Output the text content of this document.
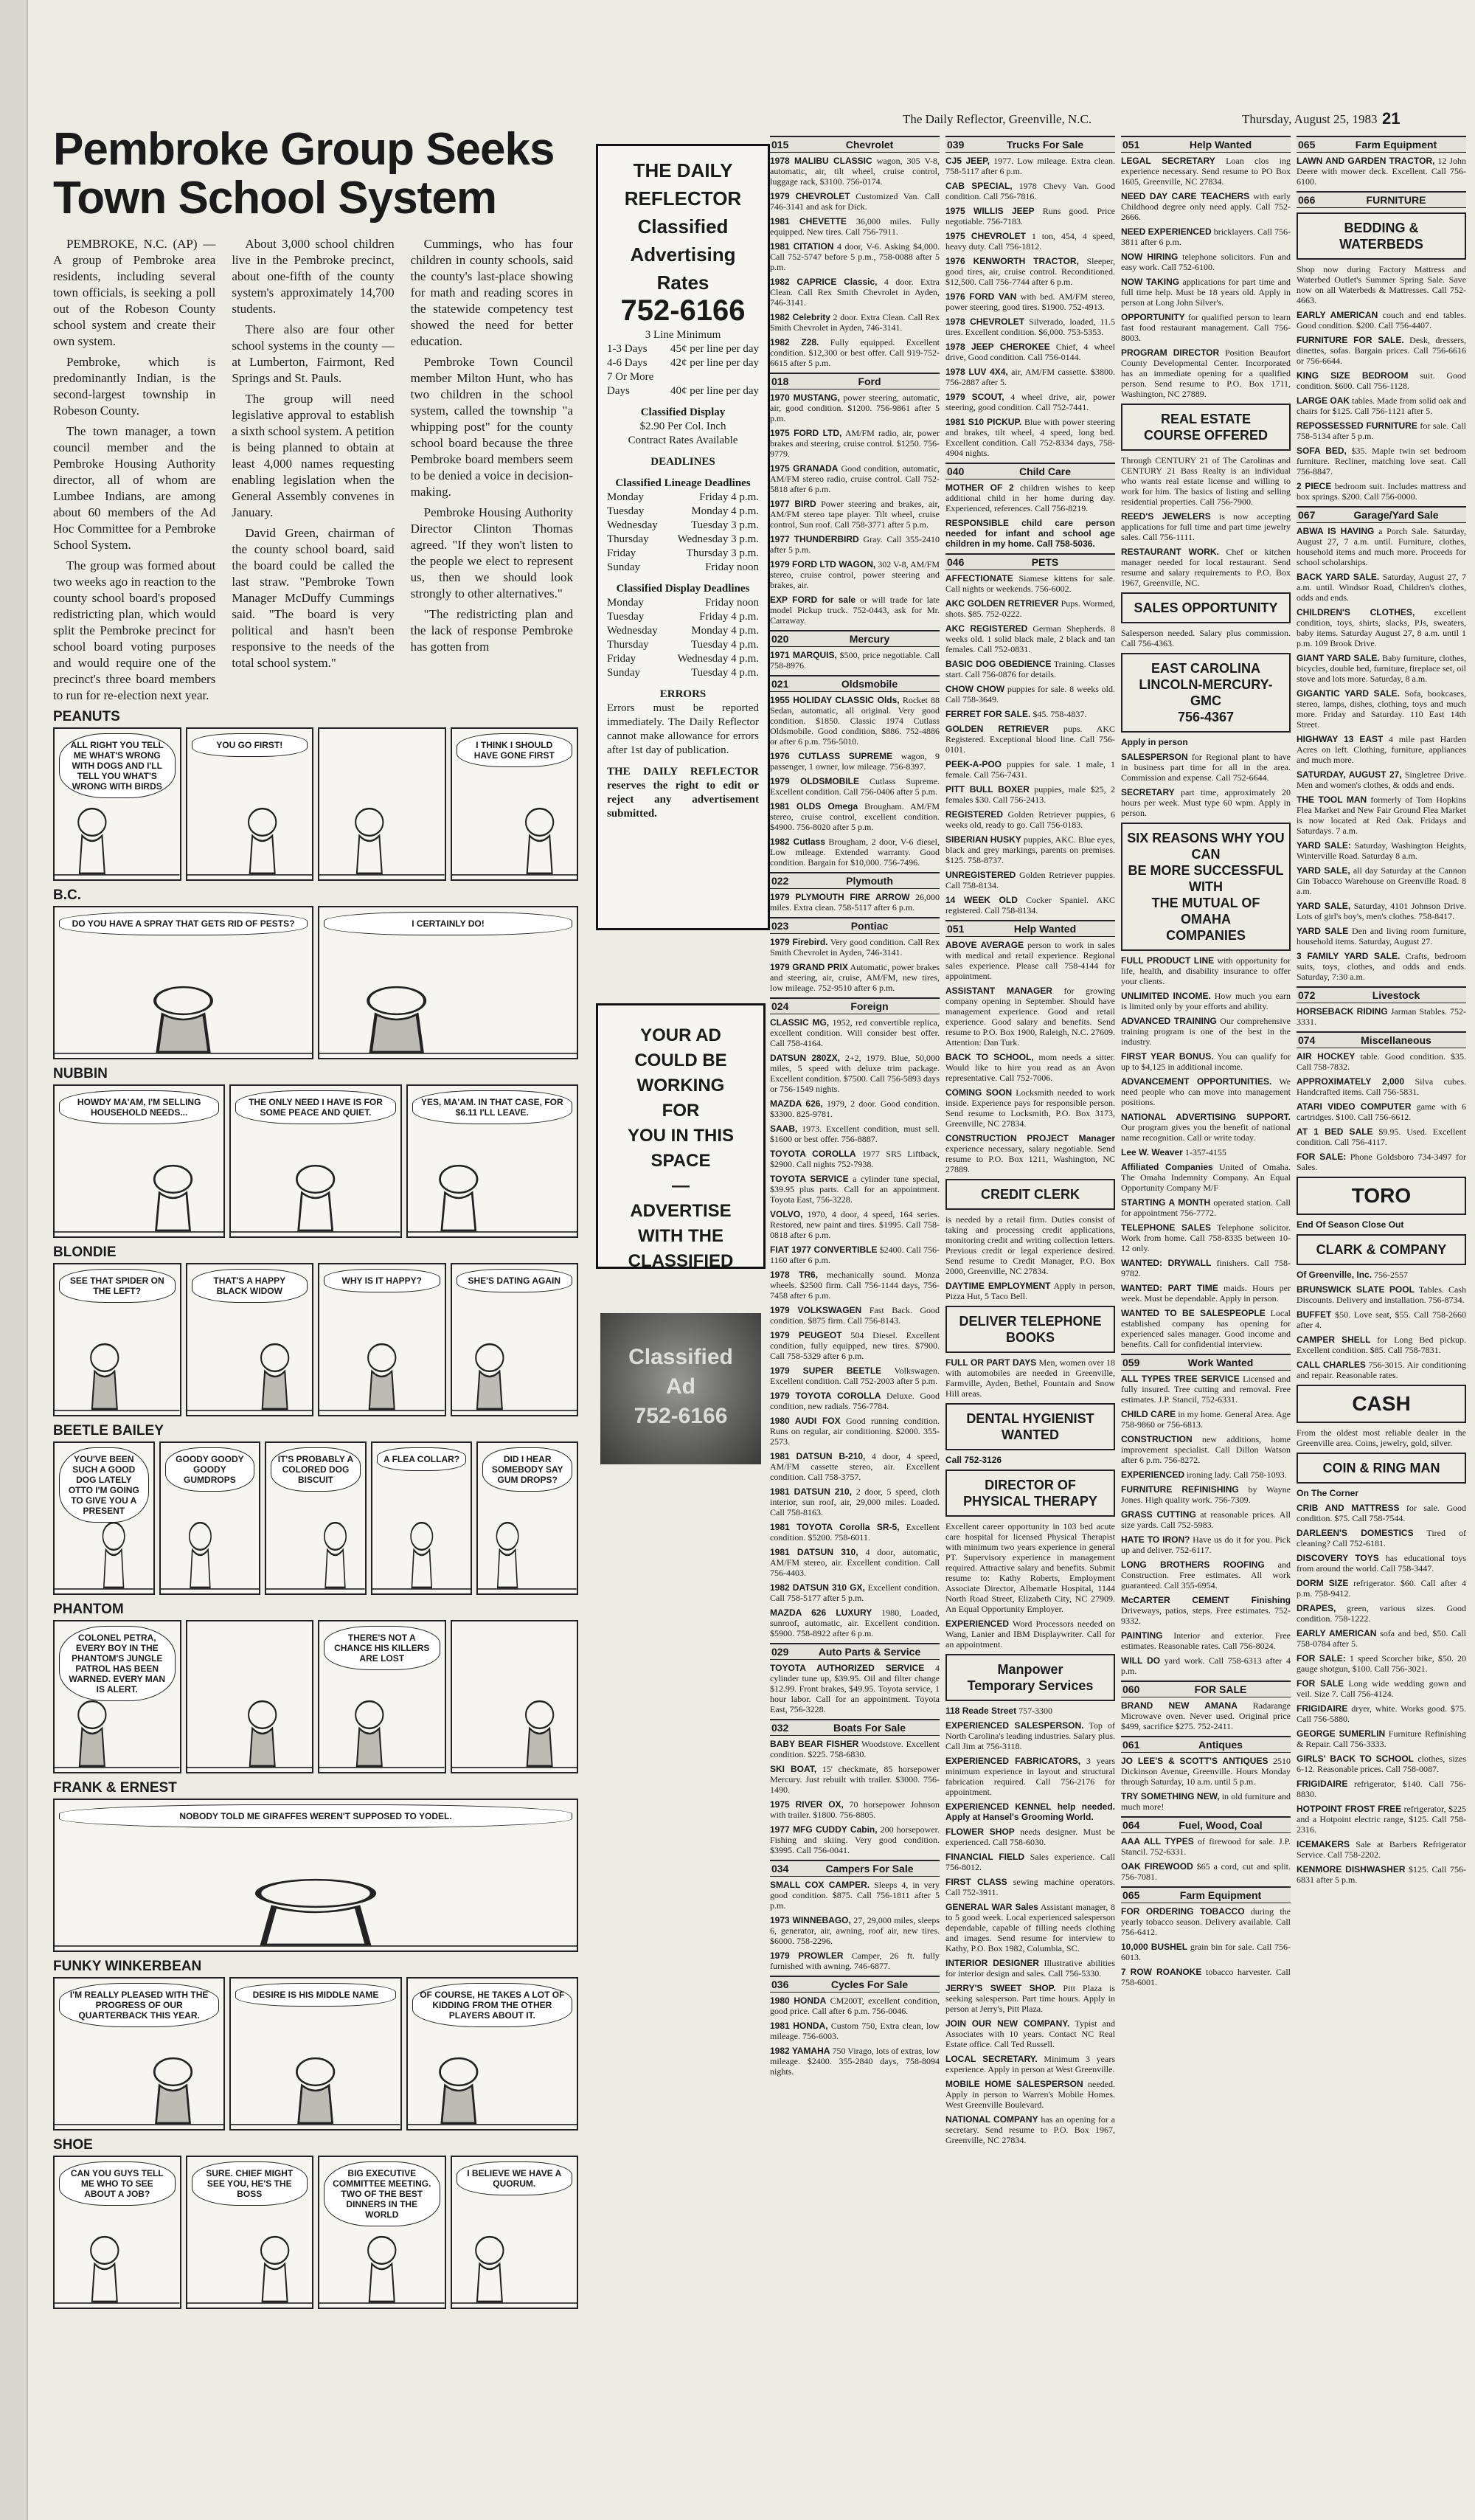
The Daily Reflector, Greenville, N.C.	Thursday, August 25, 1983 21
Pembroke Group Seeks Town School System

PEMBROKE, N.C. (AP) — A group of Pembroke area residents, including several town officials, is seeking a poll out of the Robeson County school system and create their own system.

Pembroke, which is predominantly Indian, is the second-largest township in Robeson County.

The town manager, a town council member and the Pembroke Housing Authority director, all of whom are Lumbee Indians, are among about 60 members of the Ad Hoc Committee for a Pembroke School System.

The group was formed about two weeks ago in reaction to the county school board's proposed redistricting plan, which would split the Pembroke precinct for school board voting purposes and would require one of the precinct's three board members to run for re-election next year.

About 3,000 school children live in the Pembroke precinct, about one-fifth of the county system's approximately 14,700 students.

There also are four other school systems in the county — at Lumberton, Fairmont, Red Springs and St. Pauls.

The group will need legislative approval to establish a sixth school system. A petition is being planned to obtain at least 4,000 names requesting enabling legislation when the General Assembly convenes in January.

David Green, chairman of the county school board, said the board could be called the last straw. "Pembroke Town Manager McDuffy Cummings said. "The board is very political and hasn't been responsive to the needs of the total school system."

Cummings, who has four children in county schools, said the county's last-place showing for math and reading scores in the statewide competency test showed the need for better education.

Pembroke Town Council member Milton Hunt, who has two children in the school system, called the township "a whipping post" for the county school board because the three Pembroke board members seem to be denied a voice in decision-making.

Pembroke Housing Authority Director Clinton Thomas agreed. "If they won't listen to the people we elect to represent us, then we should look strongly to other alternatives."

"The redistricting plan and the lack of response Pembroke has gotten from

PEANUTS
ALL RIGHT YOU TELL ME WHAT'S WRONG WITH DOGS AND I'LL TELL YOU WHAT'S WRONG WITH BIRDS
YOU GO FIRST!	I THINK I SHOULD HAVE GONE FIRST
B.C.
DO YOU HAVE A SPRAY THAT GETS RID OF PESTS?	I CERTAINLY DO!
NUBBIN
HOWDY MA'AM, I'M SELLING HOUSEHOLD NEEDS...
THE ONLY NEED I HAVE IS FOR SOME PEACE AND QUIET.
YES, MA'AM. IN THAT CASE, FOR $6.11 I'LL LEAVE.
BLONDIE
SEE THAT SPIDER ON THE LEFT?
THAT'S A HAPPY BLACK WIDOW
WHY IS IT HAPPY?	SHE'S DATING AGAIN
BEETLE BAILEY
YOU'VE BEEN SUCH A GOOD DOG LATELY OTTO I'M GOING TO GIVE YOU A PRESENT
GOODY GOODY GOODY GUMDROPS
IT'S PROBABLY A COLORED DOG BISCUIT
A FLEA COLLAR?	DID I HEAR SOMEBODY SAY GUM DROPS?
PHANTOM
COLONEL PETRA, EVERY BOY IN THE PHANTOM'S JUNGLE PATROL HAS BEEN WARNED. EVERY MAN IS ALERT.
THERE'S NOT A CHANCE HIS KILLERS ARE LOST
FRANK & ERNEST
NOBODY TOLD ME GIRAFFES WEREN'T SUPPOSED TO YODEL.
FUNKY WINKERBEAN
I'M REALLY PLEASED WITH THE PROGRESS OF OUR QUARTERBACK THIS YEAR.
DESIRE IS HIS MIDDLE NAME	OF COURSE, HE TAKES A LOT OF KIDDING FROM THE OTHER PLAYERS ABOUT IT.
SHOE
CAN YOU GUYS TELL ME WHO TO SEE ABOUT A JOB?
SURE. CHIEF MIGHT SEE YOU, HE'S THE BOSS
BIG EXECUTIVE COMMITTEE MEETING. TWO OF THE BEST DINNERS IN THE WORLD
I BELIEVE WE HAVE A QUORUM.
THE DAILY
REFLECTOR
Classified
Advertising
Rates
752-6166
3 Line Minimum
1-3 Days 45¢ per line per day
4-6 Days 42¢ per line per day
7 Or More
Days	40¢ per line per day
Classified Display
$2.90 Per Col. Inch
Contract Rates Available
DEADLINES
Classified Lineage Deadlines
Monday	Friday 4 p.m.
Tuesday	Monday 4 p.m.
Wednesday	Tuesday 3 p.m.
Thursday	Wednesday 3 p.m.
Friday	Thursday 3 p.m.
Sunday	Friday noon
Classified Display Deadlines
Monday	Friday noon
Tuesday	Friday 4 p.m.
Wednesday	Monday 4 p.m.
Thursday	Tuesday 4 p.m.
Friday	Wednesday 4 p.m.
Sunday	Tuesday 4 p.m.
ERRORS
Errors must be reported immediately. The Daily Reflector cannot make allowance for errors after 1st day of publication.
THE DAILY REFLECTOR reserves the right to edit or reject any advertisement submitted.
YOUR AD
COULD BE
WORKING
FOR
YOU IN THIS
SPACE
—
ADVERTISE
WITH THE
CLASSIFIED
Classified
Ad
752-6166
015	Chevrolet
1978 MALIBU CLASSIC wagon, 305 V-8, automatic, air, tilt wheel, cruise control, luggage rack, $3100. 756-0174.
1979 CHEVROLET Customized Van. Call 746-3141 and ask for Dick.
1981 CHEVETTE 36,000 miles. Fully equipped. New tires. Call 756-7911.
1981 CITATION 4 door, V-6. Asking $4,000. Call 752-5747 before 5 p.m., 758-0088 after 5 p.m.
1982 CAPRICE Classic, 4 door. Extra Clean. Call Rex Smith Chevrolet in Ayden, 746-3141.
1982 Celebrity 2 door. Extra Clean. Call Rex Smith Chevrolet in Ayden, 746-3141.
1982 Z28. Fully equipped. Excellent condition. $12,300 or best offer. Call 919-752-6615 after 5 p.m.
018	Ford
1970 MUSTANG, power steering, automatic, air, good condition. $1200. 756-9861 after 5 p.m.
1975 FORD LTD, AM/FM radio, air, power brakes and steering, cruise control. $1250. 756-9779.
1975 GRANADA Good condition, automatic, AM/FM stereo radio, cruise control. Call 752-5818 after 6 p.m.
1977 BIRD Power steering and brakes, air, AM/FM stereo tape player. Tilt wheel, cruise control, Sun roof. Call 758-3771 after 5 p.m.
1977 THUNDERBIRD Gray. Call 355-2410 after 5 p.m.
1979 FORD LTD WAGON, 302 V-8, AM/FM stereo, cruise control, power steering and brakes, air.
EXP FORD for sale or will trade for late model Pickup truck. 752-0443, ask for Mr. Carraway.
020	Mercury
1971 MARQUIS, $500, price negotiable. Call 758-8976.
021	Oldsmobile
1955 HOLIDAY CLASSIC Olds, Rocket 88 Sedan, automatic, all original. Very good condition. $1850. Classic 1974 Cutlass Oldsmobile. Good condition, $886. 752-4886 or after 6 p.m. 756-5010.
1976 CUTLASS SUPREME wagon, 9 passenger, 1 owner, low mileage. 756-8397.
1979 OLDSMOBILE Cutlass Supreme. Excellent condition. Call 756-0406 after 5 p.m.
1981 OLDS Omega Brougham. AM/FM stereo, cruise control, excellent condition. $4900. 756-8020 after 5 p.m.
1982 Cutlass Brougham, 2 door, V-6 diesel, Low mileage. Extended warranty. Good condition. Bargain for $10,000. 756-7496.
022	Plymouth
1979 PLYMOUTH FIRE ARROW 26,000 miles. Extra clean. 758-5117 after 6 p.m.
023	Pontiac
1979 Firebird. Very good condition. Call Rex Smith Chevrolet in Ayden, 746-3141.
1979 GRAND PRIX Automatic, power brakes and steering, air, cruise, AM/FM, new tires, low mileage. 752-9510 after 6 p.m.
024	Foreign
CLASSIC MG, 1952, red convertible replica, excellent condition. Will consider best offer. Call 758-4164.
DATSUN 280ZX, 2+2, 1979. Blue, 50,000 miles, 5 speed with deluxe trim package. Excellent condition. $7500. Call 756-5893 days or 756-1549 nights.
MAZDA 626, 1979, 2 door. Good condition. $3300. 825-9781.
SAAB, 1973. Excellent condition, must sell. $1600 or best offer. 756-8887.
TOYOTA COROLLA 1977 SR5 Liftback, $2900. Call nights 752-7938.
TOYOTA SERVICE a cylinder tune special, $39.95 plus parts. Call for an appointment. Toyota East, 756-3228.
VOLVO, 1970, 4 door, 4 speed, 164 series. Restored, new paint and tires. $1995. Call 758-0818 after 6 p.m.
FIAT 1977 CONVERTIBLE $2400. Call 756-1160 after 6 p.m.
1978 TR6, mechanically sound. Monza wheels. $2500 firm. Call 756-1144 days, 756-7458 after 6 p.m.
1979 VOLKSWAGEN Fast Back. Good condition. $875 firm. Call 756-8143.
1979 PEUGEOT 504 Diesel. Excellent condition, fully equipped, new tires. $7900. Call 758-5329 after 6 p.m.
1979 SUPER BEETLE Volkswagen. Excellent condition. Call 752-2003 after 5 p.m.
1979 TOYOTA COROLLA Deluxe. Good condition, new radials. 756-7784.
1980 AUDI FOX Good running condition. Runs on regular, air conditioning. $2000. 355-2573.
1981 DATSUN B-210, 4 door, 4 speed, AM/FM cassette stereo, air. Excellent condition. Call 758-3757.
1981 DATSUN 210, 2 door, 5 speed, cloth interior, sun roof, air, 29,000 miles. Loaded. Call 758-8163.
1981 TOYOTA Corolla SR-5, Excellent condition. $5200. 758-6011.
1981 DATSUN 310, 4 door, automatic, AM/FM stereo, air. Excellent condition. Call 756-4403.
1982 DATSUN 310 GX, Excellent condition. Call 758-5177 after 5 p.m.
MAZDA 626 LUXURY 1980, Loaded, sunroof, automatic, air. Excellent condition. $5900. 758-8922 after 6 p.m.
029	Auto Parts & Service
TOYOTA AUTHORIZED SERVICE 4 cylinder tune up, $39.95. Oil and filter change $12.99. Front brakes, $49.95. Toyota service, 1 hour labor. Call for an appointment. Toyota East, 756-3228.
032	Boats For Sale
BABY BEAR FISHER Woodstove. Excellent condition. $225. 758-6830.
SKI BOAT, 15' checkmate, 85 horsepower Mercury. Just rebuilt with trailer. $3000. 756-1490.
1975 RIVER OX, 70 horsepower Johnson with trailer. $1800. 756-8805.
1977 MFG CUDDY Cabin, 200 horsepower. Fishing and skiing. Very good condition. $3995. Call 756-0041.
034	Campers For Sale
SMALL COX CAMPER. Sleeps 4, in very good condition. $875. Call 756-1811 after 5 p.m.
1973 WINNEBAGO, 27, 29,000 miles, sleeps 6, generator, air, awning, roof air, new tires. $6000. 758-2296.
1979 PROWLER Camper, 26 ft. fully furnished with awning. 746-6877.
036	Cycles For Sale
1980 HONDA CM200T, excellent condition, good price. Call after 6 p.m. 756-0046.
1981 HONDA, Custom 750, Extra clean, low mileage. 756-6003.
1982 YAMAHA 750 Virago, lots of extras, low mileage. $2400. 355-2840 days, 758-8094 nights.
039	Trucks For Sale
CJ5 JEEP, 1977. Low mileage. Extra clean. 758-5117 after 6 p.m.
CAB SPECIAL, 1978 Chevy Van. Good condition. Call 756-7816.
1975 WILLIS JEEP Runs good. Price negotiable. 756-7183.
1975 CHEVROLET 1 ton, 454, 4 speed, heavy duty. Call 756-1812.
1976 KENWORTH TRACTOR, Sleeper, good tires, air, cruise control. Reconditioned. $12,500. Call 756-7744 after 6 p.m.
1976 FORD VAN with bed. AM/FM stereo, power steering, good tires. $1900. 752-4913.
1978 CHEVROLET Silverado, loaded, 11.5 tires. Excellent condition. $6,000. 753-5353.
1978 JEEP CHEROKEE Chief, 4 wheel drive, Good condition. Call 756-0144.
1978 LUV 4X4, air, AM/FM cassette. $3800. 756-2887 after 5.
1979 SCOUT, 4 wheel drive, air, power steering, good condition. Call 752-7441.
1981 S10 PICKUP. Blue with power steering and brakes, tilt wheel, 4 speed, long bed. Excellent condition. Call 752-8334 days, 758-4904 nights.
040	Child Care
MOTHER OF 2 children wishes to keep additional child in her home during day. Experienced, references. Call 756-8219.
RESPONSIBLE child care person needed for infant and school age children in my home. Call 758-5036.
046	PETS
AFFECTIONATE Siamese kittens for sale. Call nights or weekends. 756-6002.
AKC GOLDEN RETRIEVER Pups. Wormed, shots. $85. 752-0222.
AKC REGISTERED German Shepherds. 8 weeks old. 1 solid black male, 2 black and tan females. Call 752-0831.
BASIC DOG OBEDIENCE Training. Classes start. Call 756-0876 for details.
CHOW CHOW puppies for sale. 8 weeks old. Call 758-3649.
FERRET FOR SALE. $45. 758-4837.
GOLDEN RETRIEVER pups. AKC Registered. Exceptional blood line. Call 756-0101.
PEEK-A-POO puppies for sale. 1 male, 1 female. Call 756-7431.
PITT BULL BOXER puppies, male $25, 2 females $30. Call 756-2413.
REGISTERED Golden Retriever puppies, 6 weeks old, ready to go. Call 756-0183.
SIBERIAN HUSKY puppies, AKC. Blue eyes, black and grey markings, parents on premises. $125. 758-8737.
UNREGISTERED Golden Retriever puppies. Call 758-8134.
14 WEEK OLD Cocker Spaniel. AKC registered. Call 758-8134.
051	Help Wanted
ABOVE AVERAGE person to work in sales with medical and retail experience. Regional sales experience. Please call 758-4144 for appointment.
ASSISTANT MANAGER for growing company opening in September. Should have management experience. Good and retail experience. Good salary and benefits. Send resume to P.O. Box 1900, Raleigh, N.C. 27609. Attention: Dan Turk.
BACK TO SCHOOL, mom needs a sitter. Would like to hire you read as an Avon representative. Call 752-7006.
COMING SOON Locksmith needed to work inside. Experience pays for responsible person. Send resume to Locksmith, P.O. Box 3173, Greenville, NC 27834.
CONSTRUCTION PROJECT Manager experience necessary, salary negotiable. Send resume to P.O. Box 1211, Washington, NC 27889.
CREDIT CLERK
is needed by a retail firm. Duties consist of taking and processing credit applications, monitoring credit and writing collection letters. Previous credit or legal experience desired. Send resume to Credit Manager, P.O. Box 2000, Greenville, NC 27834.
DAYTIME EMPLOYMENT Apply in person, Pizza Hut, 5 Taco Bell.
DELIVER TELEPHONE BOOKS
FULL OR PART DAYS Men, women over 18 with automobiles are needed in Greenville, Farmville, Ayden, Bethel, Fountain and Snow Hill areas.
DENTAL HYGIENIST WANTED
Call 752-3126
DIRECTOR OF PHYSICAL THERAPY
Excellent career opportunity in 103 bed acute care hospital for licensed Physical Therapist with minimum two years experience in general PT. Supervisory experience in management required. Attractive salary and benefits. Submit resume to: Kathy Roberts, Employment Associate Director, Albemarle Hospital, 1144 North Road Street, Elizabeth City, NC 27909. An Equal Opportunity Employer.
EXPERIENCED Word Processors needed on Wang, Lanier and IBM Displaywriter. Call for an appointment.
Manpower
Temporary Services
118 Reade Street 757-3300
EXPERIENCED SALESPERSON. Top of North Carolina's leading industries. Salary plus. Call Jim at 756-3118.
EXPERIENCED FABRICATORS, 3 years minimum experience in layout and structural fabrication required. Call 756-2176 for appointment.
EXPERIENCED KENNEL help needed. Apply at Hansel's Grooming World.
FLOWER SHOP needs designer. Must be experienced. Call 758-6030.
FINANCIAL FIELD Sales experience. Call 756-8012.
FIRST CLASS sewing machine operators. Call 752-3911.
GENERAL WAR Sales Assistant manager, 8 to 5 good week. Local experienced salesperson dependable, capable of filling needs clothing and images. Send resume for interview to Kathy, P.O. Box 1982, Columbia, SC.
INTERIOR DESIGNER Illustrative abilities for interior design and sales. Call 756-5330.
JERRY'S SWEET SHOP. Pitt Plaza is seeking salesperson. Part time hours. Apply in person at Jerry's, Pitt Plaza.
JOIN OUR NEW COMPANY. Typist and Associates with 10 years. Contact NC Real Estate office. Call Ted Russell.
LOCAL SECRETARY. Minimum 3 years experience. Apply in person at West Greenville.
MOBILE HOME SALESPERSON needed. Apply in person to Warren's Mobile Homes. West Greenville Boulevard.
NATIONAL COMPANY has an opening for a secretary. Send resume to P.O. Box 1967, Greenville, NC 27834.
051	Help Wanted
LEGAL SECRETARY Loan clos ing experience necessary. Send resume to PO Box 1605, Greenville, NC 27834.
NEED DAY CARE TEACHERS with early Childhood degree only need apply. Call 752-2666.
NEED EXPERIENCED bricklayers. Call 756-3811 after 6 p.m.
NOW HIRING telephone solicitors. Fun and easy work. Call 752-6100.
NOW TAKING applications for part time and full time help. Must be 18 years old. Apply in person at Long John Silver's.
OPPORTUNITY for qualified person to learn fast food restaurant management. Call 756-8003.
PROGRAM DIRECTOR Position Beaufort County Developmental Center. Incorporated has an immediate opening for a qualified person. Send resume to P.O. Box 1711, Washington, NC 27889.
REAL ESTATE
COURSE OFFERED
Through CENTURY 21 of The Carolinas and CENTURY 21 Bass Realty is an individual who wants real estate license and willing to work for him. The basics of listing and selling residential properties. Call 756-7900.
REED'S JEWELERS is now accepting applications for full time and part time jewelry sales. Call 756-1111.
RESTAURANT WORK. Chef or kitchen manager needed for local restaurant. Send resume and salary requirements to P.O. Box 1967, Greenville, NC.
SALES OPPORTUNITY
Salesperson needed. Salary plus commission. Call 756-4363.
EAST CAROLINA
LINCOLN-MERCURY-GMC
756-4367
Apply in person
SALESPERSON for Regional plant to have in business part time for all in the area. Commission and expense. Call 752-6644.
SECRETARY part time, approximately 20 hours per week. Must type 60 wpm. Apply in person.
SIX REASONS WHY YOU CAN
BE MORE SUCCESSFUL WITH
THE MUTUAL OF OMAHA
COMPANIES
FULL PRODUCT LINE with opportunity for life, health, and disability insurance to offer your clients.
UNLIMITED INCOME. How much you earn is limited only by your efforts and ability.
ADVANCED TRAINING Our comprehensive training program is one of the best in the industry.
FIRST YEAR BONUS. You can qualify for up to $4,125 in additional income.
ADVANCEMENT OPPORTUNITIES. We need people who can move into management positions.
NATIONAL ADVERTISING SUPPORT. Our program gives you the benefit of national name recognition. Call or write today.
Lee W. Weaver 1-357-4155
Affiliated Companies United of Omaha. The Omaha Indemnity Company. An Equal Opportunity Company M/F
STARTING A MONTH operated station. Call for appointment 756-7772.
TELEPHONE SALES Telephone solicitor. Work from home. Call 758-8335 between 10-12 only.
WANTED: DRYWALL finishers. Call 758-9782.
WANTED: PART TIME maids. Hours per week. Must be dependable. Apply in person.
WANTED TO BE SALESPEOPLE Local established company has opening for experienced sales manager. Good income and benefits. Call for confidential interview.
059	Work Wanted
ALL TYPES TREE SERVICE Licensed and fully insured. Tree cutting and removal. Free estimates. J.P. Stancil, 752-6331.
CHILD CARE in my home. General Area. Age 758-9860 or 756-6813.
CONSTRUCTION new additions, home improvement specialist. Call Dillon Watson after 6 p.m. 756-8272.
EXPERIENCED ironing lady. Call 758-1093.
FURNITURE REFINISHING by Wayne Jones. High quality work. 756-7309.
GRASS CUTTING at reasonable prices. All size yards. Call 752-5983.
HATE TO IRON? Have us do it for you. Pick up and deliver. 752-6117.
LONG BROTHERS ROOFING and Construction. Free estimates. All work guaranteed. Call 355-6954.
McCARTER CEMENT Finishing Driveways, patios, steps. Free estimates. 752-9332.
PAINTING Interior and exterior. Free estimates. Reasonable rates. Call 756-8024.
WILL DO yard work. Call 758-6313 after 4 p.m.
060	FOR SALE
BRAND NEW AMANA Radarange Microwave oven. Never used. Original price $499, sacrifice $275. 752-2411.
061	Antiques
JO LEE'S & SCOTT'S ANTIQUES 2510 Dickinson Avenue, Greenville. Hours Monday through Saturday, 10 a.m. until 5 p.m.
TRY SOMETHING NEW, in old furniture and much more!
064	Fuel, Wood, Coal
AAA ALL TYPES of firewood for sale. J.P. Stancil. 752-6331.
OAK FIREWOOD $65 a cord, cut and split. 756-7081.
065	Farm Equipment
FOR ORDERING TOBACCO during the yearly tobacco season. Delivery available. Call 756-6412.
10,000 BUSHEL grain bin for sale. Call 756-6013.
7 ROW ROANOKE tobacco harvester. Call 758-6001.
065	Farm Equipment
LAWN AND GARDEN TRACTOR, 12 John Deere with mower deck. Excellent. Call 756-6100.
066	FURNITURE
BEDDING & WATERBEDS
Shop now during Factory Mattress and Waterbed Outlet's Summer Spring Sale. Save now on all Waterbeds & Mattresses. Call 752-4663.
EARLY AMERICAN couch and end tables. Good condition. $200. Call 756-4407.
FURNITURE FOR SALE. Desk, dressers, dinettes, sofas. Bargain prices. Call 756-6616 or 756-6644.
KING SIZE BEDROOM suit. Good condition. $600. Call 756-1128.
LARGE OAK tables. Made from solid oak and chairs for $125. Call 756-1121 after 5.
REPOSSESSED FURNITURE for sale. Call 758-5134 after 5 p.m.
SOFA BED, $35. Maple twin set bedroom furniture. Recliner, matching love seat. Call 756-8847.
2 PIECE bedroom suit. Includes mattress and box springs. $200. Call 756-0000.
067	Garage/Yard Sale
ABWA IS HAVING a Porch Sale. Saturday, August 27, 7 a.m. until. Furniture, clothes, household items and much more. Proceeds for school scholarships.
BACK YARD SALE. Saturday, August 27, 7 a.m. until. Windsor Road, Children's clothes, odds and ends.
CHILDREN'S CLOTHES, excellent condition, toys, shirts, slacks, PJs, sweaters, baby items. Saturday August 27, 8 a.m. until 1 p.m. 109 Brook Drive.
GIANT YARD SALE. Baby furniture, clothes, bicycles, double bed, furniture, fireplace set, oil stove and lots more. Saturday, 8 a.m.
GIGANTIC YARD SALE. Sofa, bookcases, stereo, lamps, dishes, clothing, toys and much more. Friday and Saturday. 110 East 14th Street.
HIGHWAY 13 EAST 4 mile past Harden Acres on left. Clothing, furniture, appliances and much more.
SATURDAY, AUGUST 27, Singletree Drive. Men and women's clothes, & odds and ends.
THE TOOL MAN formerly of Tom Hopkins Flea Market and New Fair Ground Flea Market is now located at Red Oak. Fridays and Saturdays. 7 a.m.
YARD SALE: Saturday, Washington Heights, Winterville Road. Saturday 8 a.m.
YARD SALE, all day Saturday at the Cannon Gin Tobacco Warehouse on Greenville Road. 8 a.m.
YARD SALE, Saturday, 4101 Johnson Drive. Lots of girl's boy's, men's clothes. 758-8417.
YARD SALE Den and living room furniture, household items. Saturday, August 27.
3 FAMILY YARD SALE. Crafts, bedroom suits, toys, clothes, and odds and ends. Saturday, 7:30 a.m.
072	Livestock
HORSEBACK RIDING Jarman Stables. 752-3331.
074	Miscellaneous
AIR HOCKEY table. Good condition. $35. Call 758-7832.
APPROXIMATELY 2,000 Silva cubes. Handcrafted items. Call 756-5831.
ATARI VIDEO COMPUTER game with 6 cartridges. $100. Call 756-6612.
AT 1 BED SALE $9.95. Used. Excellent condition. Call 756-4117.
FOR SALE: Phone Goldsboro 734-3497 for Sales.
TORO
End Of Season Close Out
CLARK & COMPANY
Of Greenville, Inc. 756-2557
BRUNSWICK SLATE POOL Tables. Cash Discounts. Delivery and installation. 756-8734.
BUFFET $50. Love seat, $55. Call 758-2660 after 4.
CAMPER SHELL for Long Bed pickup. Excellent condition. $85. Call 758-7831.
CALL CHARLES 756-3015. Air conditioning and repair. Reasonable rates.
CASH
From the oldest most reliable dealer in the Greenville area. Coins, jewelry, gold, silver.
COIN & RING MAN
On The Corner
CRIB AND MATTRESS for sale. Good condition. $75. Call 758-7544.
DARLEEN'S DOMESTICS Tired of cleaning? Call 752-6181.
DISCOVERY TOYS has educational toys from around the world. Call 758-3447.
DORM SIZE refrigerator. $60. Call after 4 p.m. 758-9412.
DRAPES, green, various sizes. Good condition. 758-1222.
EARLY AMERICAN sofa and bed, $50. Call 758-0784 after 5.
FOR SALE: 1 speed Scorcher bike, $50. 20 gauge shotgun, $100. Call 756-3021.
FOR SALE Long wide wedding gown and veil. Size 7. Call 756-4124.
FRIGIDAIRE dryer, white. Works good. $75. Call 756-5880.
GEORGE SUMERLIN Furniture Refinishing & Repair. Call 756-3333.
GIRLS' BACK TO SCHOOL clothes, sizes 6-12. Reasonable prices. Call 758-0087.
FRIGIDAIRE refrigerator, $140. Call 756-8830.
HOTPOINT FROST FREE refrigerator, $225 and a Hotpoint electric range, $125. Call 758-2316.
ICEMAKERS Sale at Barbers Refrigerator Service. Call 758-2202.
KENMORE DISHWASHER $125. Call 756-6831 after 5 p.m.
